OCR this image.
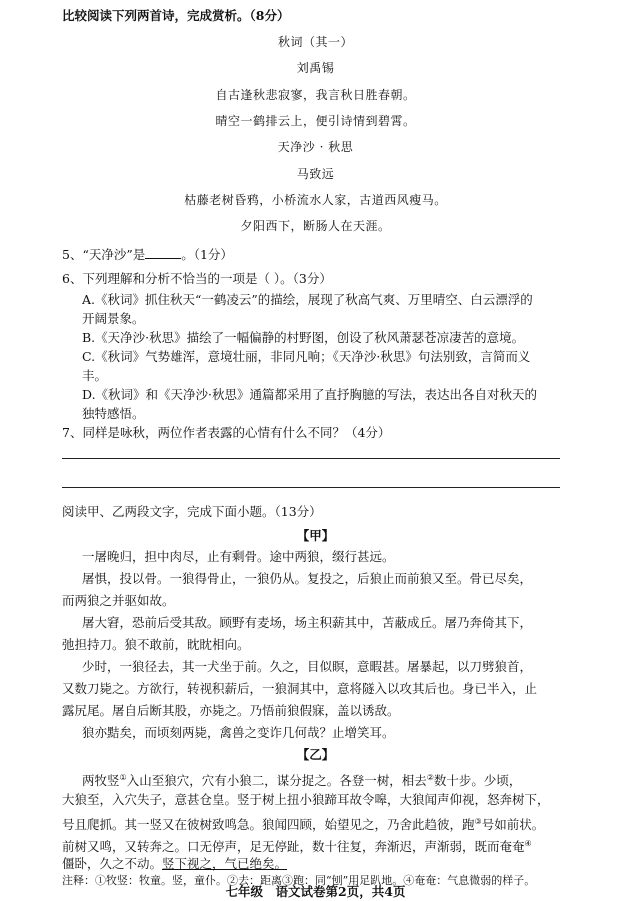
比较阅读下列两首诗，完成赏析。（8分）
秋词（其一）
刘禹锡
自古逢秋悲寂寥，我言秋日胜春朝。
晴空一鹤排云上，便引诗情到碧霄。
天净沙 · 秋思
马致远
枯藤老树昏鸦，小桥流水人家，古道西风瘦马。
夕阳西下，断肠人在天涯。
5、“天净沙”是	。（1分）
6、下列理解和分析不恰当的一项是（ ）。（3分）
A.《秋词》抓住秋天“一鹤凌云”的描绘，展现了秋高气爽、万里晴空、白云漂浮的
开阔景象。
B.《天净沙·秋思》描绘了一幅偏静的村野图，创设了秋风萧瑟苍凉凄苦的意境。
C.《秋词》气势雄浑，意境壮丽，非同凡响；《天净沙·秋思》句法别致，言简而义
丰。
D.《秋词》和《天净沙·秋思》通篇都采用了直抒胸臆的写法，表达出各自对秋天的
独特感悟。
7、同样是咏秋，两位作者表露的心情有什么不同？（4分）
阅读甲、乙两段文字，完成下面小题。（13分）
【甲】
一屠晚归，担中肉尽，止有剩骨。途中两狼，缀行甚远。
屠惧，投以骨。一狼得骨止，一狼仍从。复投之，后狼止而前狼又至。骨已尽矣，
而两狼之并驱如故。
屠大窘，恐前后受其敌。顾野有麦场，场主积薪其中，苫蔽成丘。屠乃奔倚其下，
弛担持刀。狼不敢前，眈眈相向。
少时，一狼径去，其一犬坐于前。久之，目似瞑，意暇甚。屠暴起，以刀劈狼首，
又数刀毙之。方欲行，转视积薪后，一狼洞其中，意将隧入以攻其后也。身已半入，止
露尻尾。屠自后断其股，亦毙之。乃悟前狼假寐，盖以诱敌。
狼亦黠矣，而顷刻两毙，禽兽之变诈几何哉？止增笑耳。
【乙】
两牧竖①入山至狼穴，穴有小狼二，谋分捉之。各登一树，相去②数十步。少顷，
大狼至，入穴失子，意甚仓皇。竖于树上扭小狼蹄耳故令嗥，大狼闻声仰视，怒奔树下，
号且爬抓。其一竖又在彼树致鸣急。狼闻四顾，始望见之，乃舍此趋彼，跑③号如前状。
前树又鸣，又转奔之。口无停声，足无停趾，数十往复，奔渐迟，声渐弱，既而奄奄④
僵卧，久之不动。竖下视之，气已绝矣。
注释：①牧竖：牧童。竖，童仆。②去：距离③跑：同“刨”用足趴地。④奄奄：气息微弱的样子。
七年级　语文试卷第2页，共4页
